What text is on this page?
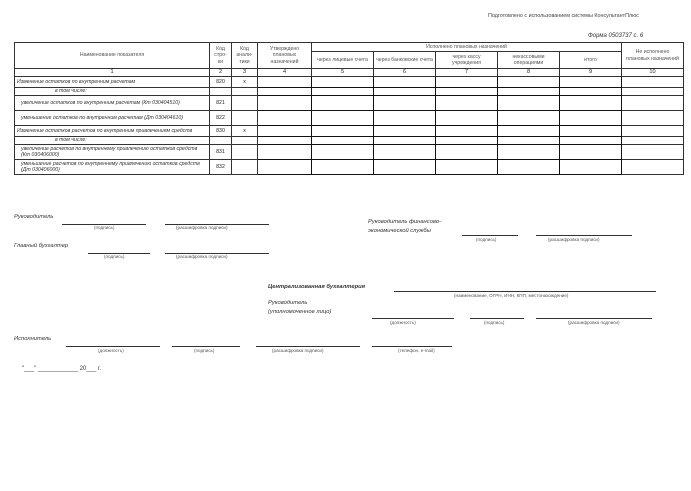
Подготовлено с использованием системы КонсультантПлюс
Форма 0503737 с. 6
Наименование показателя	Код стро- ки	Код анали- тики	Утверждено плановых назначений	Исполнено плановых назначений					Не исполнено плановых назначений
				через лицевые счета	через банковские счета	через кассу учреждения	некассовыми операциями	итого	
1	2	3	4	5	6	7	8	9	10
Изменение остатков по внутренним расчетам	820	x							
в том числе:									
увеличение остатков по внутренним расчетам (Кт 030404510)	821								
уменьшение остатков по внутренним расчетам (Дт 030404610)	822								
Изменение остатков расчетов по внутренним привлечениям средств	830	x							
в том числе:									
увеличение расчетов по внутреннему привлечению остатков средств (Кт 030406000)	831								
уменьшение расчетов по внутреннему привлечению остатков средств (Дт 030406000)	832								
Руководитель
(подпись)	(расшифровка подписи)
Главный бухгалтер
(подпись)	(расшифровка подписи)
Руководитель финансово-экономической службы
(подпись)	(расшифровка подписи)
Централизованная бухгалтерия
(наименование, ОГРН, ИНН, КПП, местонахождение)
Руководитель (уполномоченное лицо)
(должность)	(подпись)	(расшифровка подписи)
Исполнитель
(должность)	(подпись)	(расшифровка подписи)	(телефон, e-mail)
"___" ____________ 20___ г.
